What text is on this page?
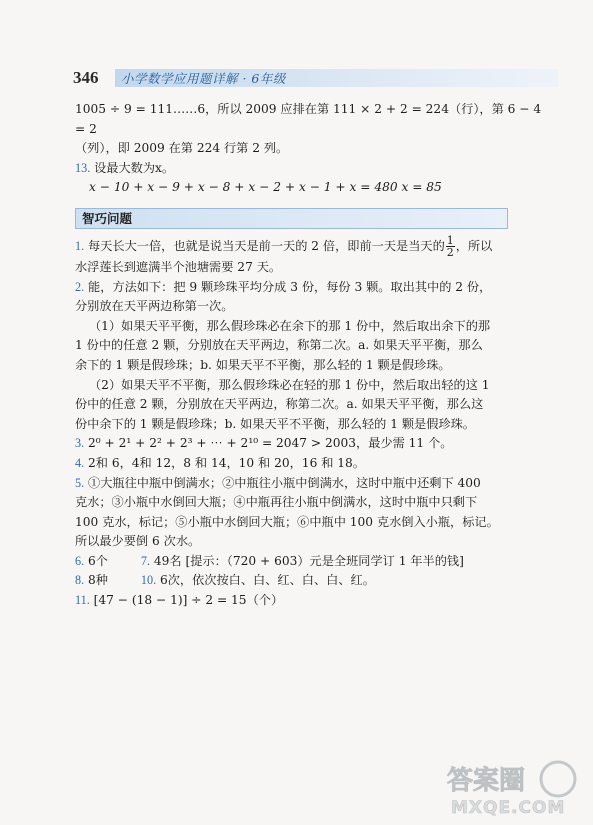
346	小学数学应用题详解 · 6年级

1005 ÷ 9 = 111……6，所以 2009 应排在第 111 × 2 + 2 = 224（行），第 6 − 4 = 2

（列），即 2009 在第 224 行第 2 列。

13. 设最大数为x。

x − 10 + x − 9 + x − 8 + x − 2 + x − 1 + x = 480 x = 85

智巧问题

1. 每天长大一倍，也就是说当天是前一天的 2 倍，即前一天是当天的 $\frac{1}{2}$ ，所以

水浮莲长到遮满半个池塘需要 27 天。

2. 能，方法如下：把 9 颗珍珠平均分成 3 份，每份 3 颗。取出其中的 2 份，

分别放在天平两边称第一次。

（1）如果天平平衡，那么假珍珠必在余下的那 1 份中，然后取出余下的那

1 份中的任意 2 颗，分别放在天平两边，称第二次。a. 如果天平平衡，那么

余下的 1 颗是假珍珠；b. 如果天平不平衡，那么轻的 1 颗是假珍珠。

（2）如果天平不平衡，那么假珍珠必在轻的那 1 份中，然后取出轻的这 1

份中的任意 2 颗，分别放在天平两边，称第二次。a. 如果天平平衡，那么这

份中余下的 1 颗是假珍珠；b. 如果天平不平衡，那么轻的 1 颗是假珍珠。

3. 2⁰ + 2¹ + 2² + 2³ + ⋯ + 2¹⁰ = 2047 > 2003，最少需 11 个。

4. 2和 6，4和 12，8 和 14，10 和 20，16 和 18。

5. ①大瓶往中瓶中倒满水；②中瓶往小瓶中倒满水，这时中瓶中还剩下 400

克水；③小瓶中水倒回大瓶；④中瓶再往小瓶中倒满水，这时中瓶中只剩下

100 克水，标记；⑤小瓶中水倒回大瓶；⑥中瓶中 100 克水倒入小瓶，标记。

所以最少要倒 6 次水。

6. 6个	7. 49名 [提示：（720 + 603）元是全班同学订 1 年半的钱]

8. 8种	10. 6次，依次按白、白、红、白、白、红。

11. [47 − (18 − 1)] ÷ 2 = 15（个）

答案圈
MXQE.COM
